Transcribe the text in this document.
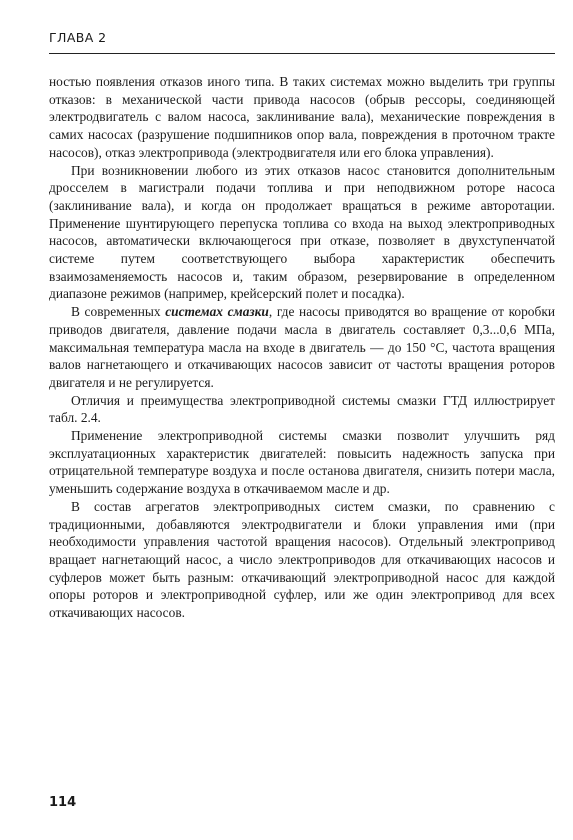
ГЛАВА 2

ностью появления отказов иного типа. В таких системах можно выделить три группы отказов: в механической части привода насосов (обрыв рессоры, соединяющей электродвигатель с валом насоса, заклинивание вала), механические повреждения в самих насосах (разрушение подшипников опор вала, повреждения в проточном тракте насосов), отказ электропривода (электродвигателя или его блока управления).

При возникновении любого из этих отказов насос становится дополнительным дросселем в магистрали подачи топлива и при неподвижном роторе насоса (заклинивание вала), и когда он продолжает вращаться в режиме авторотации. Применение шунтирующего перепуска топлива со входа на выход электроприводных насосов, автоматически включающегося при отказе, позволяет в двухступенчатой системе путем соответствующего выбора характеристик обеспечить взаимозаменяемость насосов и, таким образом, резервирование в определенном диапазоне режимов (например, крейсерский полет и посадка).

В современных системах смазки, где насосы приводятся во вращение от коробки приводов двигателя, давление подачи масла в двигатель составляет 0,3...0,6 МПа, максимальная температура масла на входе в двигатель — до 150 °C, частота вращения валов нагнетающего и откачивающих насосов зависит от частоты вращения роторов двигателя и не регулируется.

Отличия и преимущества электроприводной системы смазки ГТД иллюстрирует табл. 2.4.

Применение электроприводной системы смазки позволит улучшить ряд эксплуатационных характеристик двигателей: повысить надежность запуска при отрицательной температуре воздуха и после останова двигателя, снизить потери масла, уменьшить содержание воздуха в откачиваемом масле и др.

В состав агрегатов электроприводных систем смазки, по сравнению с традиционными, добавляются электродвигатели и блоки управления ими (при необходимости управления частотой вращения насосов). Отдельный электропривод вращает нагнетающий насос, а число электроприводов для откачивающих насосов и суфлеров может быть разным: откачивающий электроприводной насос для каждой опоры роторов и электроприводной суфлер, или же один электропривод для всех откачивающих насосов.

114
